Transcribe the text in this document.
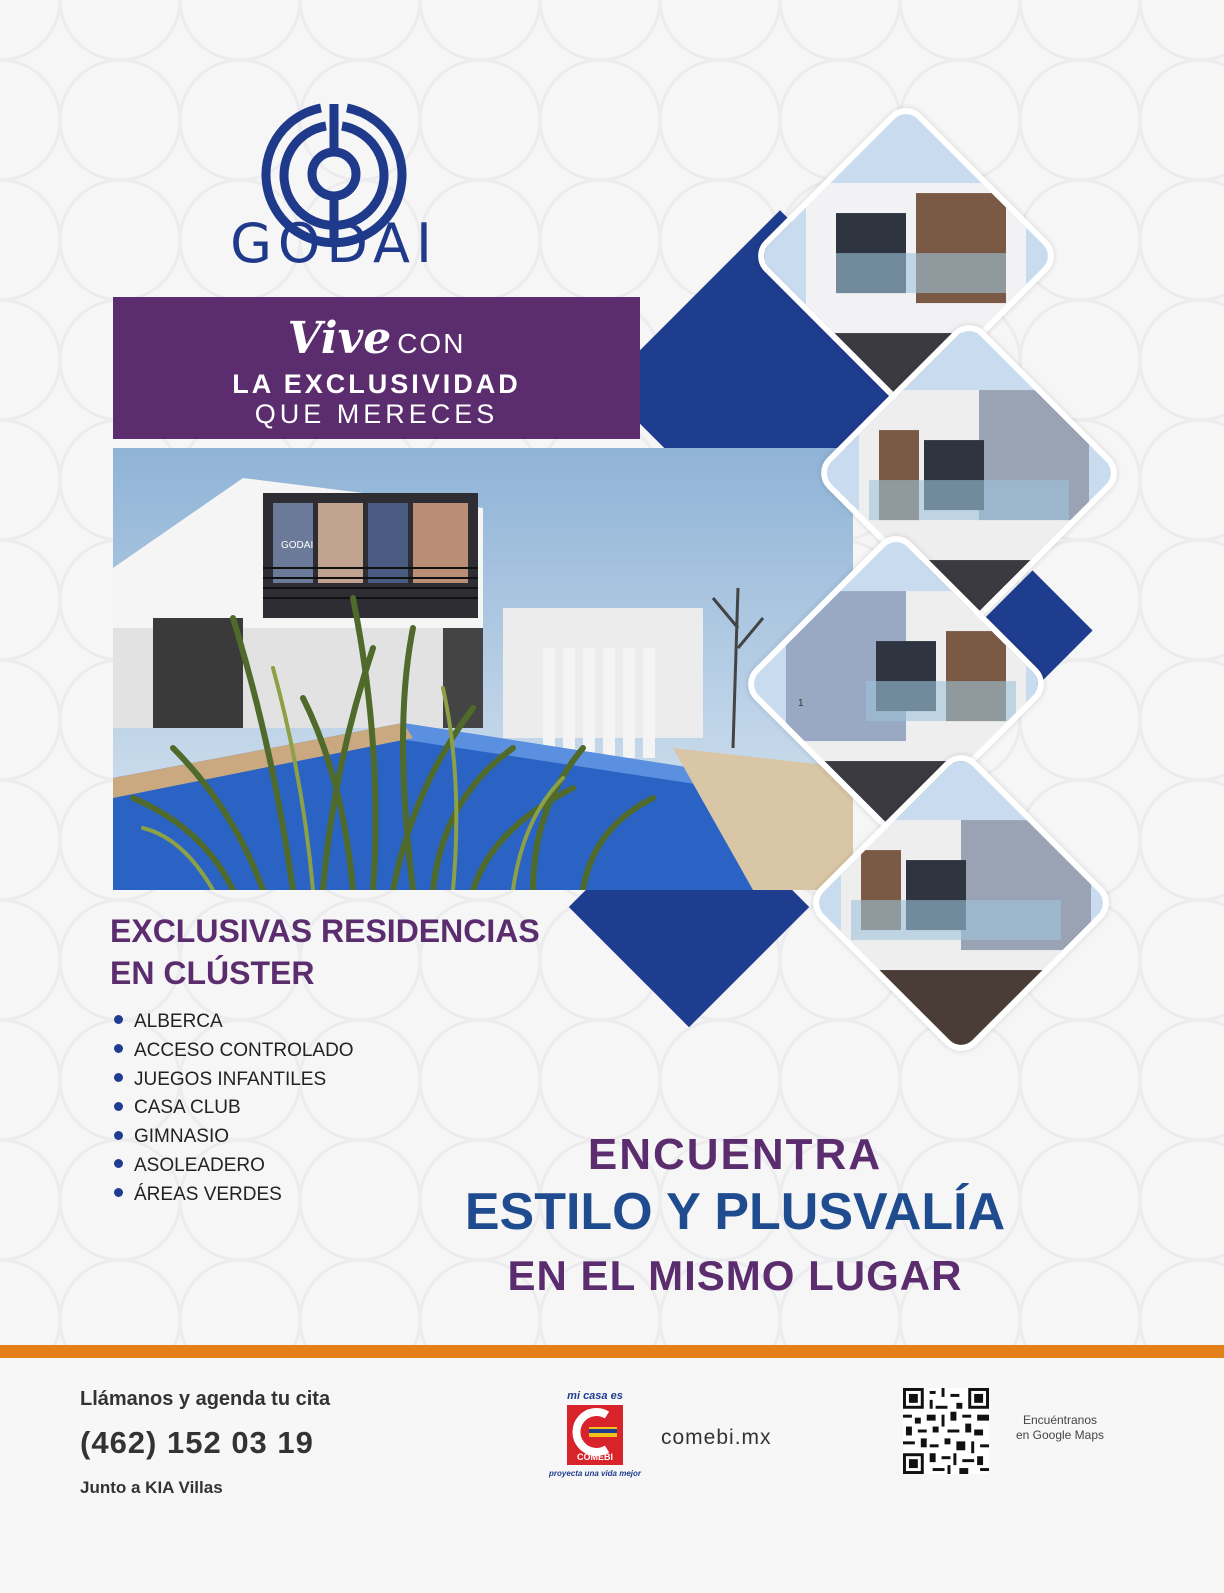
GODAI
Vive CON
LA EXCLUSIVIDAD
QUE MERECES
GODAI
1
EXCLUSIVAS RESIDENCIAS
EN CLÚSTER
ALBERCA
ACCESO CONTROLADO
JUEGOS INFANTILES
CASA CLUB
GIMNASIO
ASOLEADERO
ÁREAS VERDES
ENCUENTRA
ESTILO Y PLUSVALÍA
EN EL MISMO LUGAR
Llámanos y agenda tu cita
(462) 152 03 19
Junto a KIA Villas
mi casa es
COMEBI
proyecta una vida mejor
comebi.mx
Encuéntranos
en Google Maps
